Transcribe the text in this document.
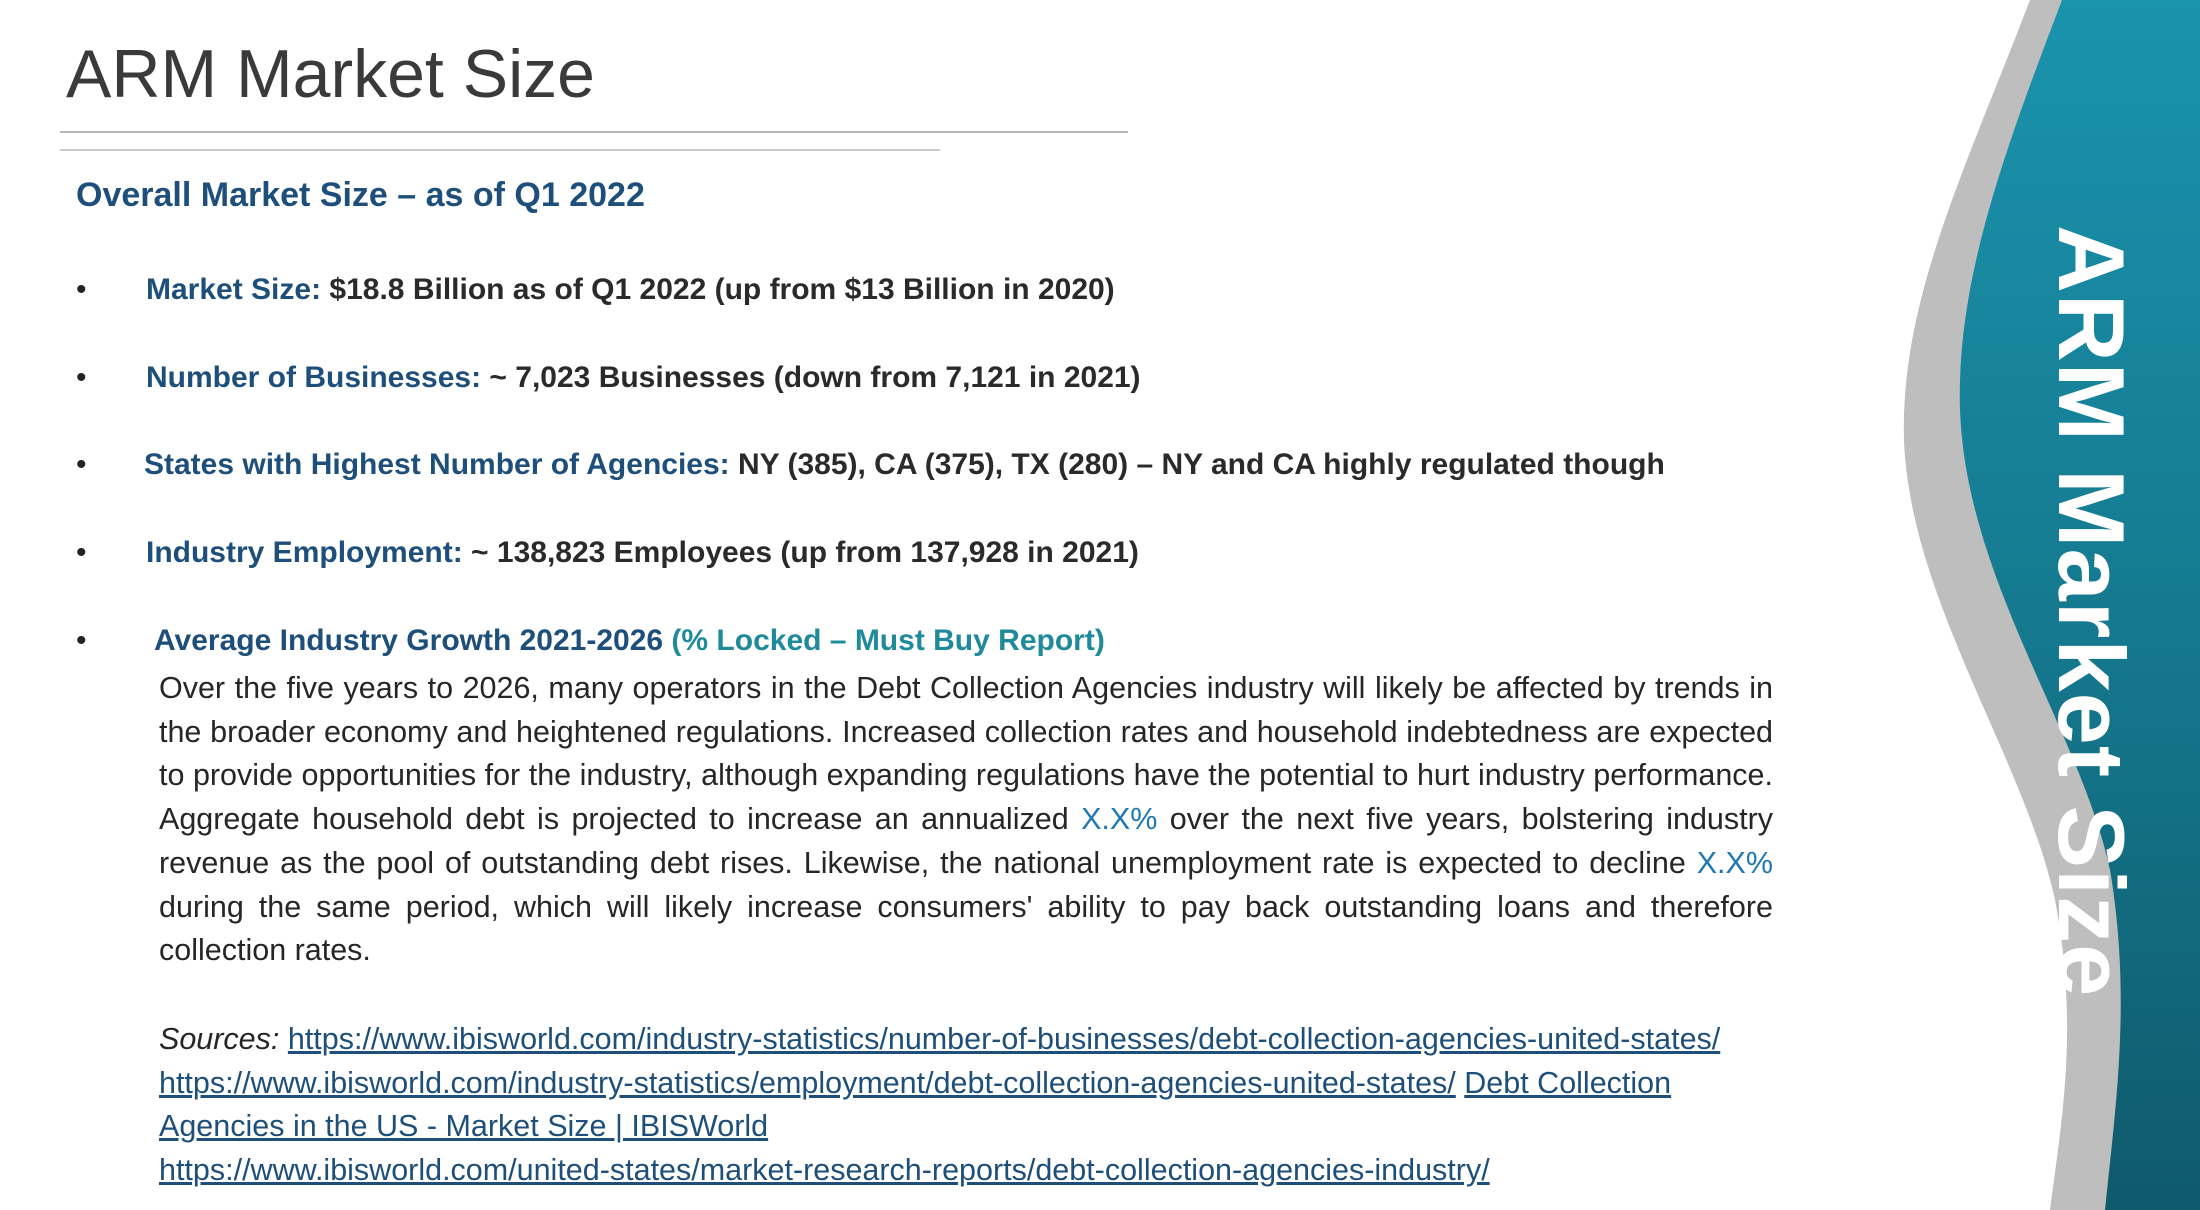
ARM Market Size
Overall Market Size – as of Q1 2022
• Market Size: $18.8 Billion as of Q1 2022 (up from $13 Billion in 2020)
• Number of Businesses: ~ 7,023 Businesses (down from 7,121 in 2021)
• States with Highest Number of Agencies: NY (385), CA (375), TX (280) – NY and CA highly regulated though
• Industry Employment: ~ 138,823 Employees (up from 137,928 in 2021)
• Average Industry Growth 2021-2026 (% Locked – Must Buy Report)

Over the five years to 2026, many operators in the Debt Collection Agencies industry will likely be affected by trends in the broader economy and heightened regulations. Increased collection rates and household indebtedness are expected to provide opportunities for the industry, although expanding regulations have the potential to hurt industry performance. Aggregate household debt is projected to increase an annualized X.X% over the next five years, bolstering industry revenue as the pool of outstanding debt rises. Likewise, the national unemployment rate is expected to decline X.X% during the same period, which will likely increase consumers' ability to pay back outstanding loans and therefore collection rates.

Sources: https://www.ibisworld.com/industry-statistics/number-of-businesses/debt-collection-agencies-united-states/  https://www.ibisworld.com/industry-statistics/employment/debt-collection-agencies-united-states/ Debt Collection Agencies in the US - Market Size | IBISWorld
https://www.ibisworld.com/united-states/market-research-reports/debt-collection-agencies-industry/

ARM Market Size
